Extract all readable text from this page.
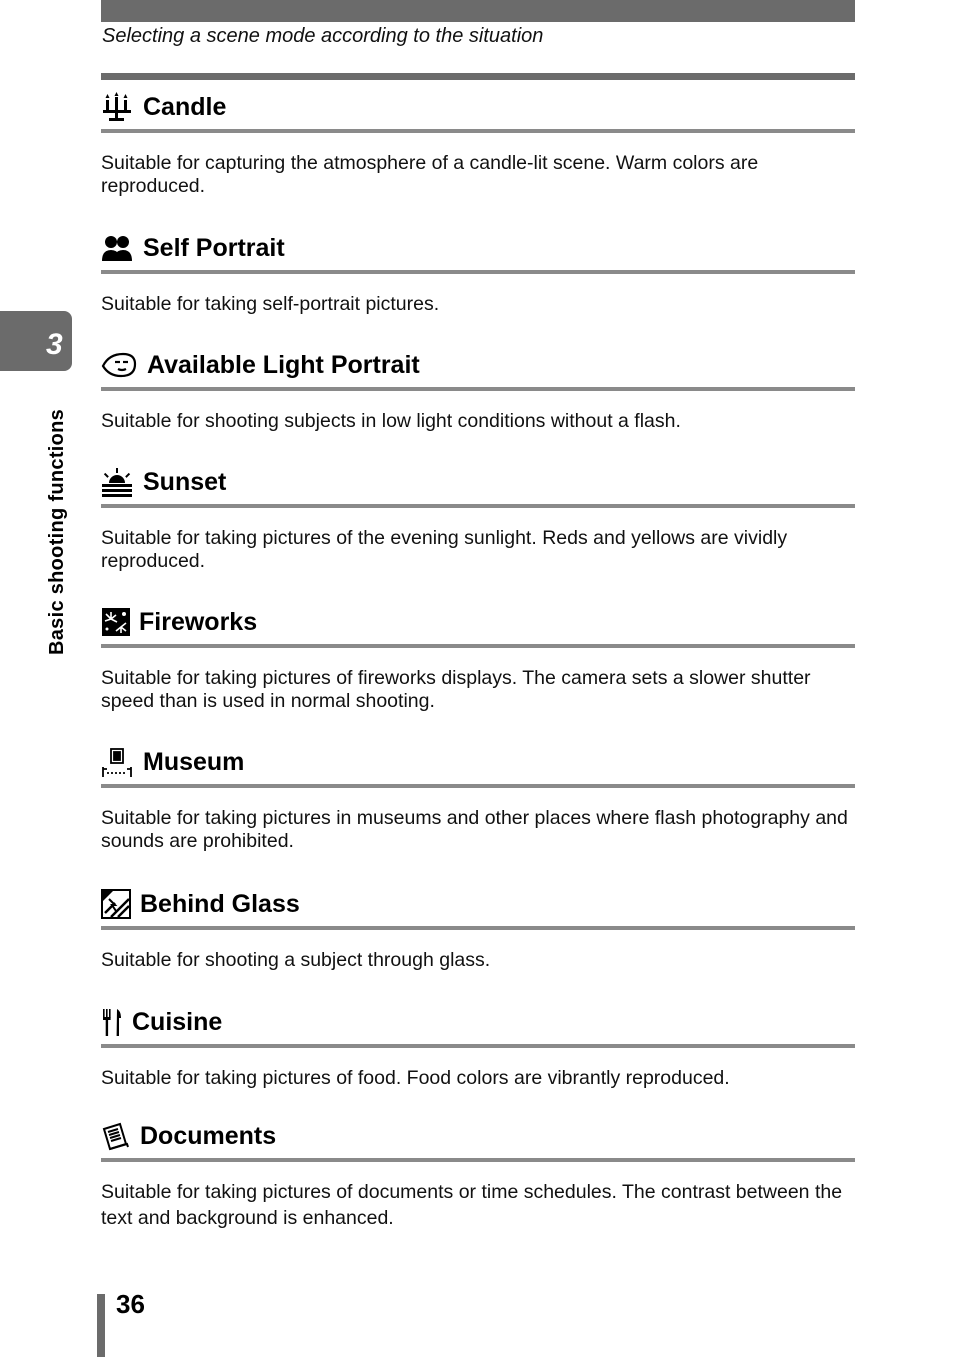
Selecting a scene mode according to the situation
3
Basic shooting functions
Candle
Suitable for capturing the atmosphere of a candle-lit scene. Warm colors are reproduced.
Self Portrait
Suitable for taking self-portrait pictures.
Available Light Portrait
Suitable for shooting subjects in low light conditions without a flash.
Sunset
Suitable for taking pictures of the evening sunlight. Reds and yellows are vividly reproduced.
Fireworks
Suitable for taking pictures of fireworks displays. The camera sets a slower shutter speed than is used in normal shooting.
Museum
Suitable for taking pictures in museums and other places where flash photography and sounds are prohibited.
Behind Glass
Suitable for shooting a subject through glass.
Cuisine
Suitable for taking pictures of food. Food colors are vibrantly reproduced.
Documents
Suitable for taking pictures of documents or time schedules. The contrast between the text and background is enhanced.
36
